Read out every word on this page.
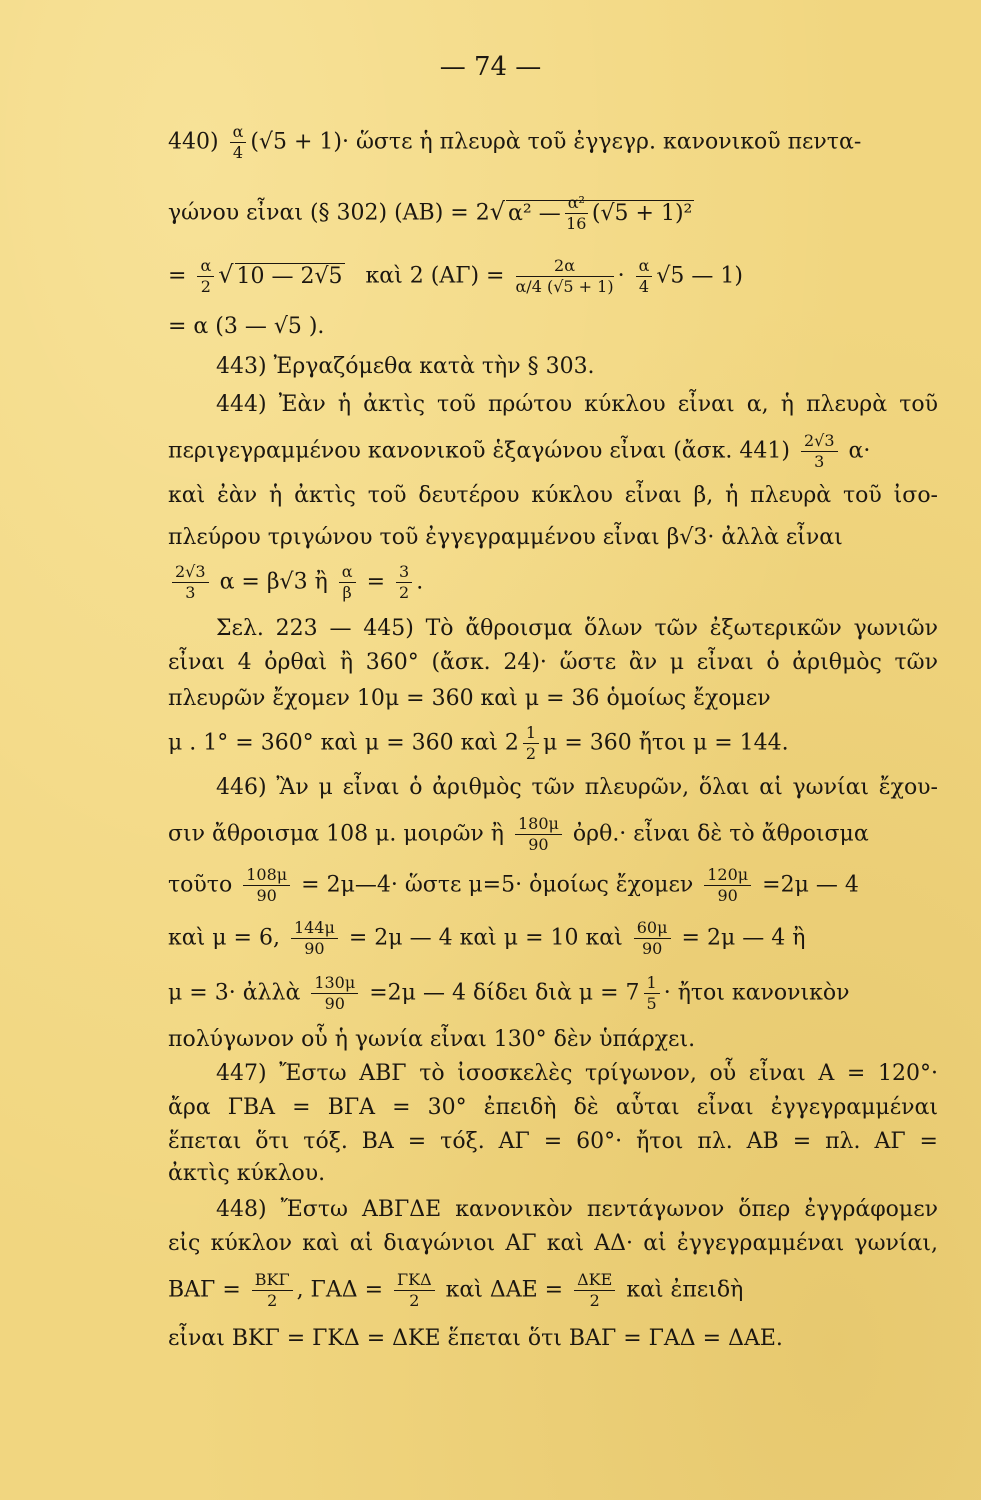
— 74 —

$440) \frac{\alpha}{4} (√5 + 1)\cdot$ ὥστε ἡ πλευρὰ τοῦ ἐγγεγρ. κανονικοῦ πεντα-

γώνου εἶναι (§ 302) (ΑΒ) = 2√ α² — $\frac{\text{α²}}{16} (√5 + 1)^2$

= $\frac{\alpha}{2}$ √ 10 — 2√5 καὶ 2 $(A\Gamma) = \frac{2\alpha}{\alpha/4 (√5 + 1)} \cdot \frac{\alpha}{4} √5$ — 1)

= α (3 — √5 ).

443) Ἐργαζόμεθα κατὰ τὴν § 303.

444) Ἐὰν ἡ ἀκτὶς τοῦ πρώτου κύκλου εἶναι α, ἡ πλευρὰ τοῦ

περιγεγραμμένου κανονικοῦ ἑξαγώνου εἶναι (ἄσκ. $441) \frac{2√3}{3} \alpha\cdot$

καὶ ἐὰν ἡ ἀκτὶς τοῦ δευτέρου κύκλου εἶναι β, ἡ πλευρὰ τοῦ ἰσο-

πλεύρου τριγώνου τοῦ ἐγγεγραμμένου εἶναι β√3· ἀλλὰ εἶναι

$\frac{2√3}{3}$ α = β√3 ἢ $\frac{\alpha}{\beta} = \frac{3}{2}$ .

Σελ. 223 — 445) Τὸ ἄθροισμα ὅλων τῶν ἐξωτερικῶν γωνιῶν

εἶναι 4 ὀρθαὶ ἢ 360° (ἄσκ. 24)· ὥστε ἂν μ εἶναι ὁ ἀριθμὸς τῶν

πλευρῶν ἔχομεν 10μ = 360 καὶ μ = 36 ὁμοίως ἔχομεν

μ . 1° = 360° καὶ μ = 360 καὶ $2 \frac{1}{2}$ μ = 360 ἤτοι μ = 144.

446) Ἂν μ εἶναι ὁ ἀριθμὸς τῶν πλευρῶν, ὅλαι αἱ γωνίαι ἔχου-

σιν ἄθροισμα 108 μ. μοιρῶν ἢ $\frac{180\mu}{90}$ ὀρθ.· εἶναι δὲ τὸ ἄθροισμα

τοῦτο $\frac{108\mu}{90}$ = 2μ—4· ὥστε μ=5· ὁμοίως ἔχομεν $\frac{120\mu}{90} =2\mu$ — 4

καὶ μ = 6, $\frac{144\mu}{90} = 2\mu$ — 4 καὶ μ = 10 καὶ $\frac{60\mu}{90} = 2\mu$ — 4 ἢ

μ = 3· ἀλλὰ $\frac{130\mu}{90} =2\mu$ — 4 δίδει διὰ $\mu = 7 \frac{1}{5}$ · ἤτοι κανονικὸν

πολύγωνον οὗ ἡ γωνία εἶναι 130° δὲν ὑπάρχει.

447) Ἔστω ΑΒΓ τὸ ἰσοσκελὲς τρίγωνον, οὗ εἶναι Α = 120°·

ἄρα ΓΒΑ = ΒΓΑ = 30° ἐπειδὴ δὲ αὗται εἶναι ἐγγεγραμμέναι

ἕπεται ὅτι τόξ. ΒΑ = τόξ. ΑΓ = 60°· ἤτοι πλ. ΑΒ = πλ. ΑΓ =

ἀκτὶς κύκλου.

448) Ἔστω ΑΒΓΔΕ κανονικὸν πεντάγωνον ὅπερ ἐγγράφομεν

εἰς κύκλον καὶ αἱ διαγώνιοι ΑΓ καὶ ΑΔ· αἱ ἐγγεγραμμέναι γωνίαι,

$BA\Gamma = \frac{\text{ΒΚΓ}}{2}$ , $\Gamma A\Delta = \frac{\text{ΓΚΔ}}{2}$ καὶ $\Delta AE = \frac{\text{ΔΚΕ}}{2}$ καὶ ἐπειδὴ

εἶναι ΒΚΓ = ΓΚΔ = ΔΚΕ ἕπεται ὅτι ΒΑΓ = ΓΑΔ = ΔΑΕ.
